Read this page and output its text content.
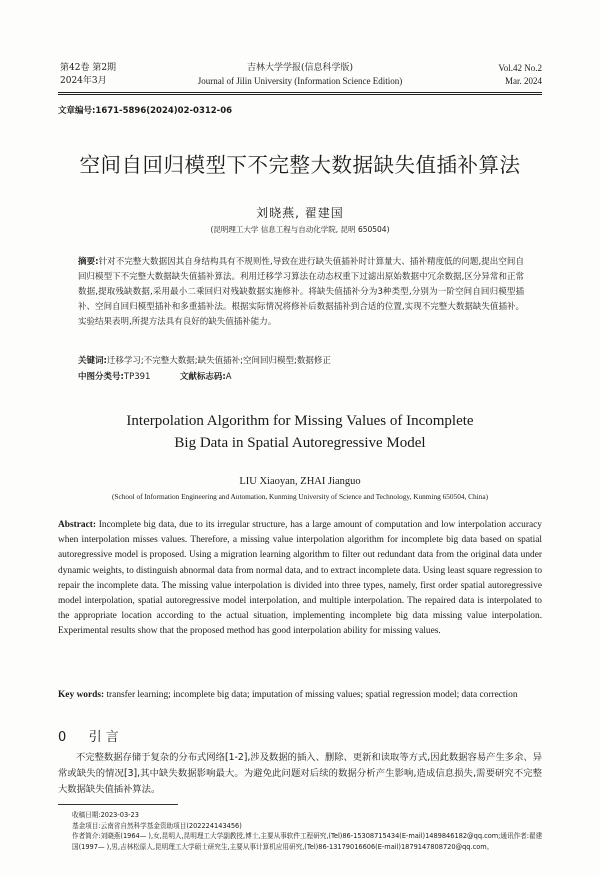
第42卷 第2期
2024年3月
吉林大学学报(信息科学版)
Journal of Jilin University (Information Science Edition)
Vol.42 No.2
Mar. 2024
文章编号:1671-5896(2024)02-0312-06
空间自回归模型下不完整大数据缺失值插补算法
刘晓燕, 翟建国
(昆明理工大学 信息工程与自动化学院, 昆明 650504)
摘要:针对不完整大数据因其自身结构具有不规则性,导致在进行缺失值插补时计算量大、插补精度低的问题,提出空间自回归模型下不完整大数据缺失值插补算法。利用迁移学习算法在动态权重下过滤出原始数据中冗余数据,区分异常和正常数据,提取残缺数据,采用最小二乘回归对残缺数据实施修补。将缺失值插补分为3种类型,分别为一阶空间自回归模型插补、空间自回归模型插补和多重插补法。根据实际情况将修补后数据插补到合适的位置,实现不完整大数据缺失值插补。实验结果表明,所提方法具有良好的缺失值插补能力。
关键词:迁移学习;不完整大数据;缺失值插补;空间回归模型;数据修正
中图分类号:TP391	文献标志码:A
Interpolation Algorithm for Missing Values of Incomplete
Big Data in Spatial Autoregressive Model
LIU Xiaoyan, ZHAI Jianguo
(School of Information Engineering and Automation, Kunming University of Science and Technology, Kunming 650504, China)
Abstract: Incomplete big data, due to its irregular structure, has a large amount of computation and low interpolation accuracy when interpolation misses values. Therefore, a missing value interpolation algorithm for incomplete big data based on spatial autoregressive model is proposed. Using a migration learning algorithm to filter out redundant data from the original data under dynamic weights, to distinguish abnormal data from normal data, and to extract incomplete data. Using least square regression to repair the incomplete data. The missing value interpolation is divided into three types, namely, first order spatial autoregressive model interpolation, spatial autoregressive model interpolation, and multiple interpolation. The repaired data is interpolated to the appropriate location according to the actual situation, implementing incomplete big data missing value interpolation. Experimental results show that the proposed method has good interpolation ability for missing values.
Key words: transfer learning; incomplete big data; imputation of missing values; spatial regression model; data correction
0 引 言
不完整数据存储于复杂的分布式网络[1-2],涉及数据的插入、删除、更新和读取等方式,因此数据容易产生多余、异常或缺失的情况[3],其中缺失数据影响最大。为避免此问题对后续的数据分析产生影响,造成信息损失,需要研究不完整大数据缺失值插补算法。
收稿日期:2023-03-23
基金项目:云南省自然科学基金资助项目(202224143456)
作者简介:刘晓燕(1964— ),女,昆明人,昆明理工大学副教授,博士,主要从事软件工程研究,(Tel)86-15308715434(E-mail)1489846182@qq.com;通讯作者:翟建国(1997— ),男,吉林松原人,昆明理工大学硕士研究生,主要从事计算机应用研究,(Tel)86-13179016606(E-mail)1879147808720@qq.com。
